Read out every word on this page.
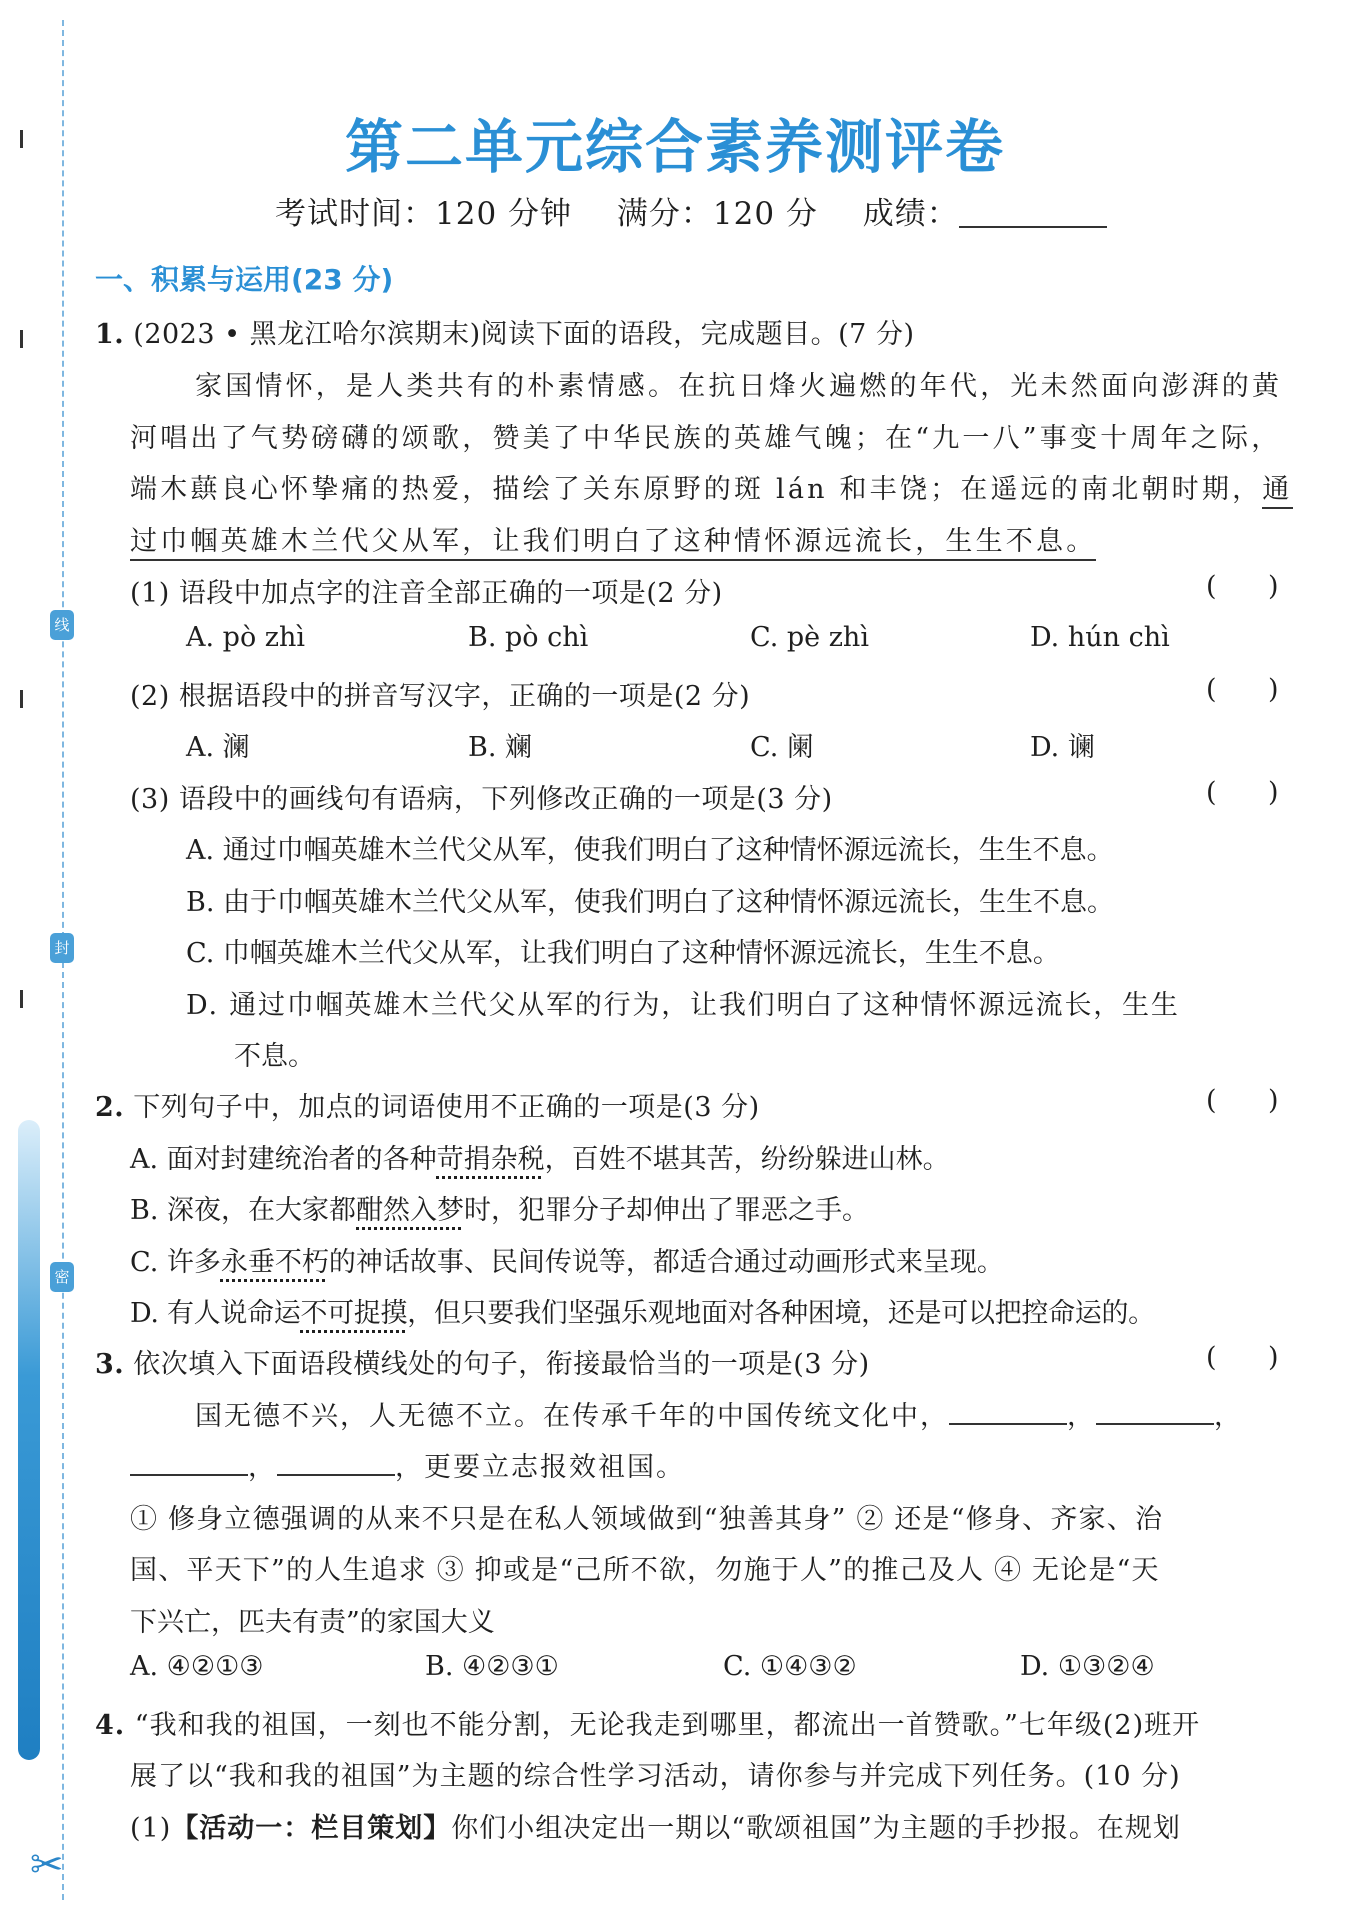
线
封
密
✂
第二单元综合素养测评卷
考试时间：120 分钟 满分：120 分 成绩：
一、积累与运用(23 分)
1. (2023 • 黑龙江哈尔滨期末)阅读下面的语段，完成题目。(7 分)
家国情怀，是人类共有的朴素情感。在抗日烽火遍燃的年代，光未然面向澎湃的黄
河唱出了气势磅礴的颂歌，赞美了中华民族的英雄气魄；在“九一八”事变十周年之际，
端木蕻良心怀挚痛的热爱，描绘了关东原野的斑 lán 和丰饶；在遥远的南北朝时期，通
过巾帼英雄木兰代父从军，让我们明白了这种情怀源远流长，生生不息。
(1) 语段中加点字的注音全部正确的一项是(2 分)	(      )
A. pò zhì	B. pò chì	C. pè zhì	D. hún chì
(2) 根据语段中的拼音写汉字，正确的一项是(2 分)	(      )
A. 澜	B. 斓	C. 阑	D. 谰
(3) 语段中的画线句有语病，下列修改正确的一项是(3 分)	(      )
A. 通过巾帼英雄木兰代父从军，使我们明白了这种情怀源远流长，生生不息。
B. 由于巾帼英雄木兰代父从军，使我们明白了这种情怀源远流长，生生不息。
C. 巾帼英雄木兰代父从军，让我们明白了这种情怀源远流长，生生不息。
D. 通过巾帼英雄木兰代父从军的行为，让我们明白了这种情怀源远流长，生生
不息。
2. 下列句子中，加点的词语使用不正确的一项是(3 分)	(      )
A. 面对封建统治者的各种苛捐杂税，百姓不堪其苦，纷纷躲进山林。
B. 深夜，在大家都酣然入梦时，犯罪分子却伸出了罪恶之手。
C. 许多永垂不朽的神话故事、民间传说等，都适合通过动画形式来呈现。
D. 有人说命运不可捉摸，但只要我们坚强乐观地面对各种困境，还是可以把控命运的。
3. 依次填入下面语段横线处的句子，衔接最恰当的一项是(3 分)	(      )
国无德不兴，人无德不立。在传承千年的中国传统文化中，	，	，
，	，更要立志报效祖国。
① 修身立德强调的从来不只是在私人领域做到“独善其身” ② 还是“修身、齐家、治
国、平天下”的人生追求 ③ 抑或是“己所不欲，勿施于人”的推己及人 ④ 无论是“天
下兴亡，匹夫有责”的家国大义
A. ④②①③	B. ④②③①	C. ①④③②	D. ①③②④
4. “我和我的祖国，一刻也不能分割，无论我走到哪里，都流出一首赞歌。”七年级(2)班开
展了以“我和我的祖国”为主题的综合性学习活动，请你参与并完成下列任务。(10 分)
(1)【活动一：栏目策划】你们小组决定出一期以“歌颂祖国”为主题的手抄报。在规划
